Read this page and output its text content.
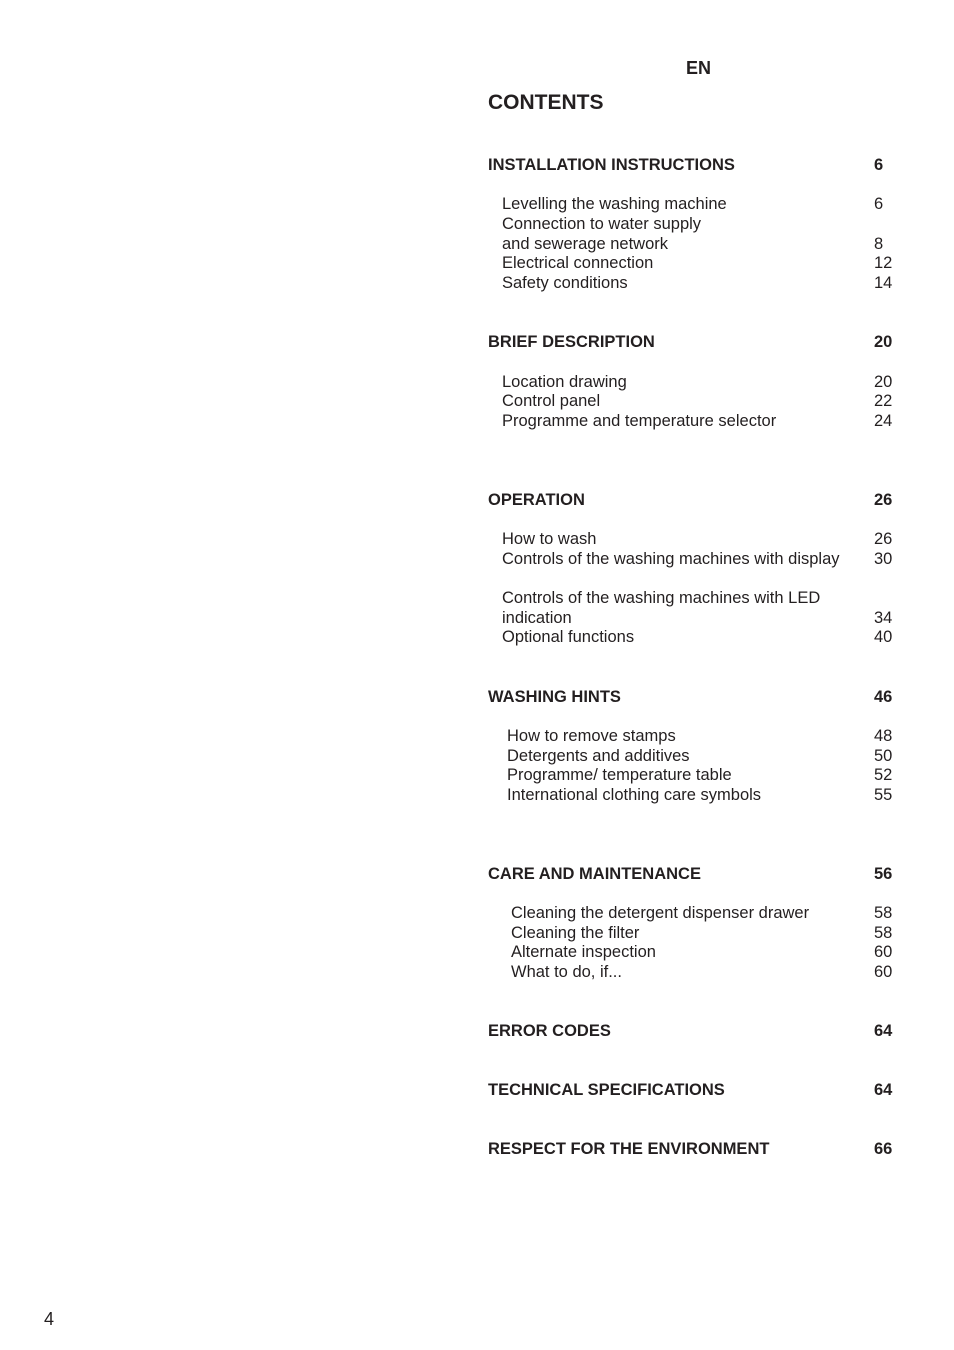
EN
CONTENTS
INSTALLATION INSTRUCTIONS	6
Levelling the washing machine	6
Connection to water supply
and sewerage network	8
Electrical connection	12
Safety conditions	14
BRIEF DESCRIPTION	20
Location drawing	20
Control panel	22
Programme and temperature selector	24
OPERATION	26
How to wash	26
Controls of the washing machines with display 30
Controls of the washing machines with LED
indication	34
Optional functions	40
WASHING HINTS	46
How to remove stamps	48
Detergents and additives	50
Programme/ temperature table	52
International clothing care symbols	55
CARE AND MAINTENANCE	56
Cleaning the detergent dispenser drawer	58
Cleaning the filter	58
Alternate inspection	60
What to do, if...	60
ERROR CODES	64
TECHNICAL SPECIFICATIONS	64
RESPECT FOR THE ENVIRONMENT	66
4
